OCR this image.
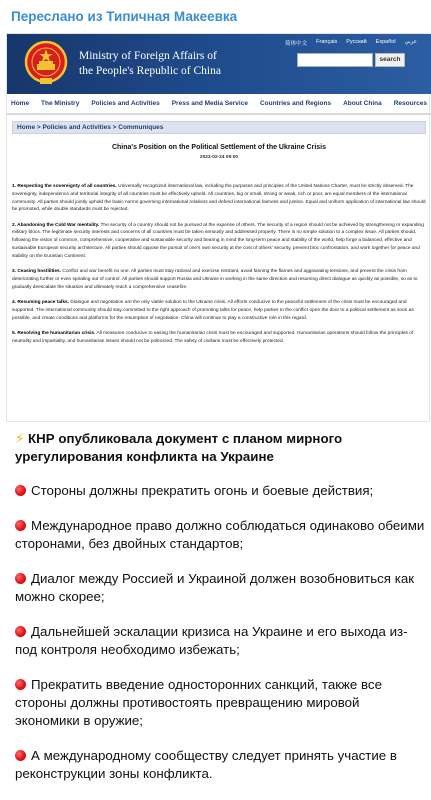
Переслано из Типичная Макеевка
Ministry of Foreign Affairs of
the People's Republic of China
简体中文 Français Русский Español عربي
search
Home The Ministry Policies and Activities Press and Media Service Countries and Regions About China Resources
Home > Policies and Activities > Communiques
China's Position on the Political Settlement of the Ukraine Crisis
2023-02-24 09:00

1. Respecting the sovereignty of all countries. Universally recognized international law, including the purposes and principles of the United Nations Charter, must be strictly observed. The sovereignty, independence and territorial integrity of all countries must be effectively upheld. All countries, big or small, strong or weak, rich or poor, are equal members of the international community. All parties should jointly uphold the basic norms governing international relations and defend international fairness and justice. Equal and uniform application of international law should be promoted, while double standards must be rejected.

2. Abandoning the Cold War mentality. The security of a country should not be pursued at the expense of others. The security of a region should not be achieved by strengthening or expanding military blocs. The legitimate security interests and concerns of all countries must be taken seriously and addressed properly. There is no simple solution to a complex issue. All parties should, following the vision of common, comprehensive, cooperative and sustainable security and bearing in mind the long-term peace and stability of the world, help forge a balanced, effective and sustainable European security architecture. All parties should oppose the pursuit of one's own security at the cost of others' security, prevent bloc confrontation, and work together for peace and stability on the Eurasian Continent.

3. Ceasing hostilities. Conflict and war benefit no one. All parties must stay rational and exercise restraint, avoid fanning the flames and aggravating tensions, and prevent the crisis from deteriorating further or even spiraling out of control. All parties should support Russia and Ukraine in working in the same direction and resuming direct dialogue as quickly as possible, so as to gradually deescalate the situation and ultimately reach a comprehensive ceasefire.

4. Resuming peace talks. Dialogue and negotiation are the only viable solution to the Ukraine crisis. All efforts conducive to the peaceful settlement of the crisis must be encouraged and supported. The international community should stay committed to the right approach of promoting talks for peace, help parties to the conflict open the door to a political settlement as soon as possible, and create conditions and platforms for the resumption of negotiation. China will continue to play a constructive role in this regard.

5. Resolving the humanitarian crisis. All measures conducive to easing the humanitarian crisis must be encouraged and supported. Humanitarian operations should follow the principles of neutrality and impartiality, and humanitarian issues should not be politicized. The safety of civilians must be effectively protected.

⚡ КНР опубликовала документ с планом мирного урегулирования конфликта на Украине
Стороны должны прекратить огонь и боевые действия;
Международное право должно соблюдаться одинаково обеими сторонами, без двойных стандартов;
Диалог между Россией и Украиной должен возобновиться как можно скорее;
Дальнейшей эскалации кризиса на Украине и его выхода из-под контроля необходимо избежать;
Прекратить введение односторонних санкций, также все стороны должны противостоять превращению мировой экономики в оружие;
А международному сообществу следует принять участие в реконструкции зоны конфликта.
